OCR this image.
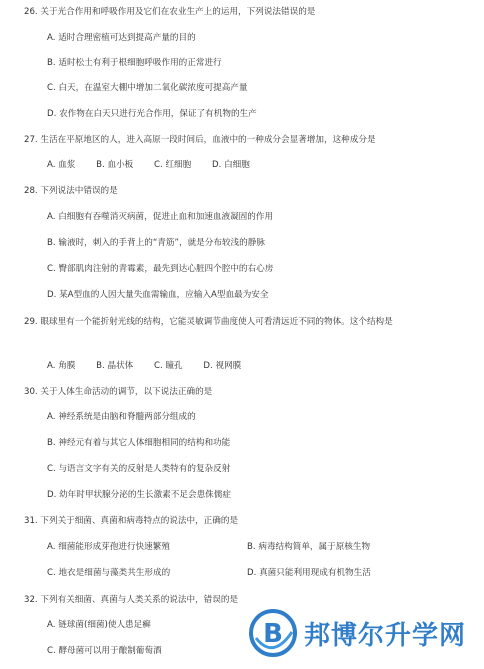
26. 关于光合作用和呼吸作用及它们在农业生产上的运用，下列说法错误的是
A. 适时合理密植可达到提高产量的目的
B. 适时松土有利于根细胞呼吸作用的正常进行
C. 白天，在温室大棚中增加二氧化碳浓度可提高产量
D. 农作物在白天只进行光合作用，保证了有机物的生产
27. 生活在平原地区的人，进入高原一段时间后，血液中的一种成分会显著增加，这种成分是
A. 血浆 B. 血小板 C. 红细胞 D. 白细胞
28. 下列说法中错误的是
A. 白细胞有吞噬消灭病菌，促进止血和加速血液凝固的作用
B. 输液时，刺入的手背上的“青筋”，就是分布较浅的静脉
C. 臀部肌肉注射的青霉素，最先到达心脏四个腔中的右心房
D. 某A型血的人因大量失血需输血，应输入A型血最为安全
29. 眼球里有一个能折射光线的结构，它能灵敏调节曲度使人可看清远近不同的物体。这个结构是
A. 角膜 B. 晶状体 C. 瞳孔 D. 视网膜
30. 关于人体生命活动的调节，以下说法正确的是
A. 神经系统是由脑和脊髓两部分组成的
B. 神经元有着与其它人体细胞相同的结构和功能
C. 与语言文字有关的反射是人类特有的复杂反射
D. 幼年时甲状腺分泌的生长激素不足会患侏儒症
31. 下列关于细菌、真菌和病毒特点的说法中，正确的是
A. 细菌能形成芽孢进行快速繁殖	B. 病毒结构简单，属于原核生物
C. 地衣是细菌与藻类共生形成的	D. 真菌只能利用现成有机物生活
32. 下列有关细菌、真菌与人类关系的说法中，错误的是
A. 链球菌(细菌)使人患足癣
C. 酵母菌可以用于酿制葡萄酒
B 邦博尔升学网
